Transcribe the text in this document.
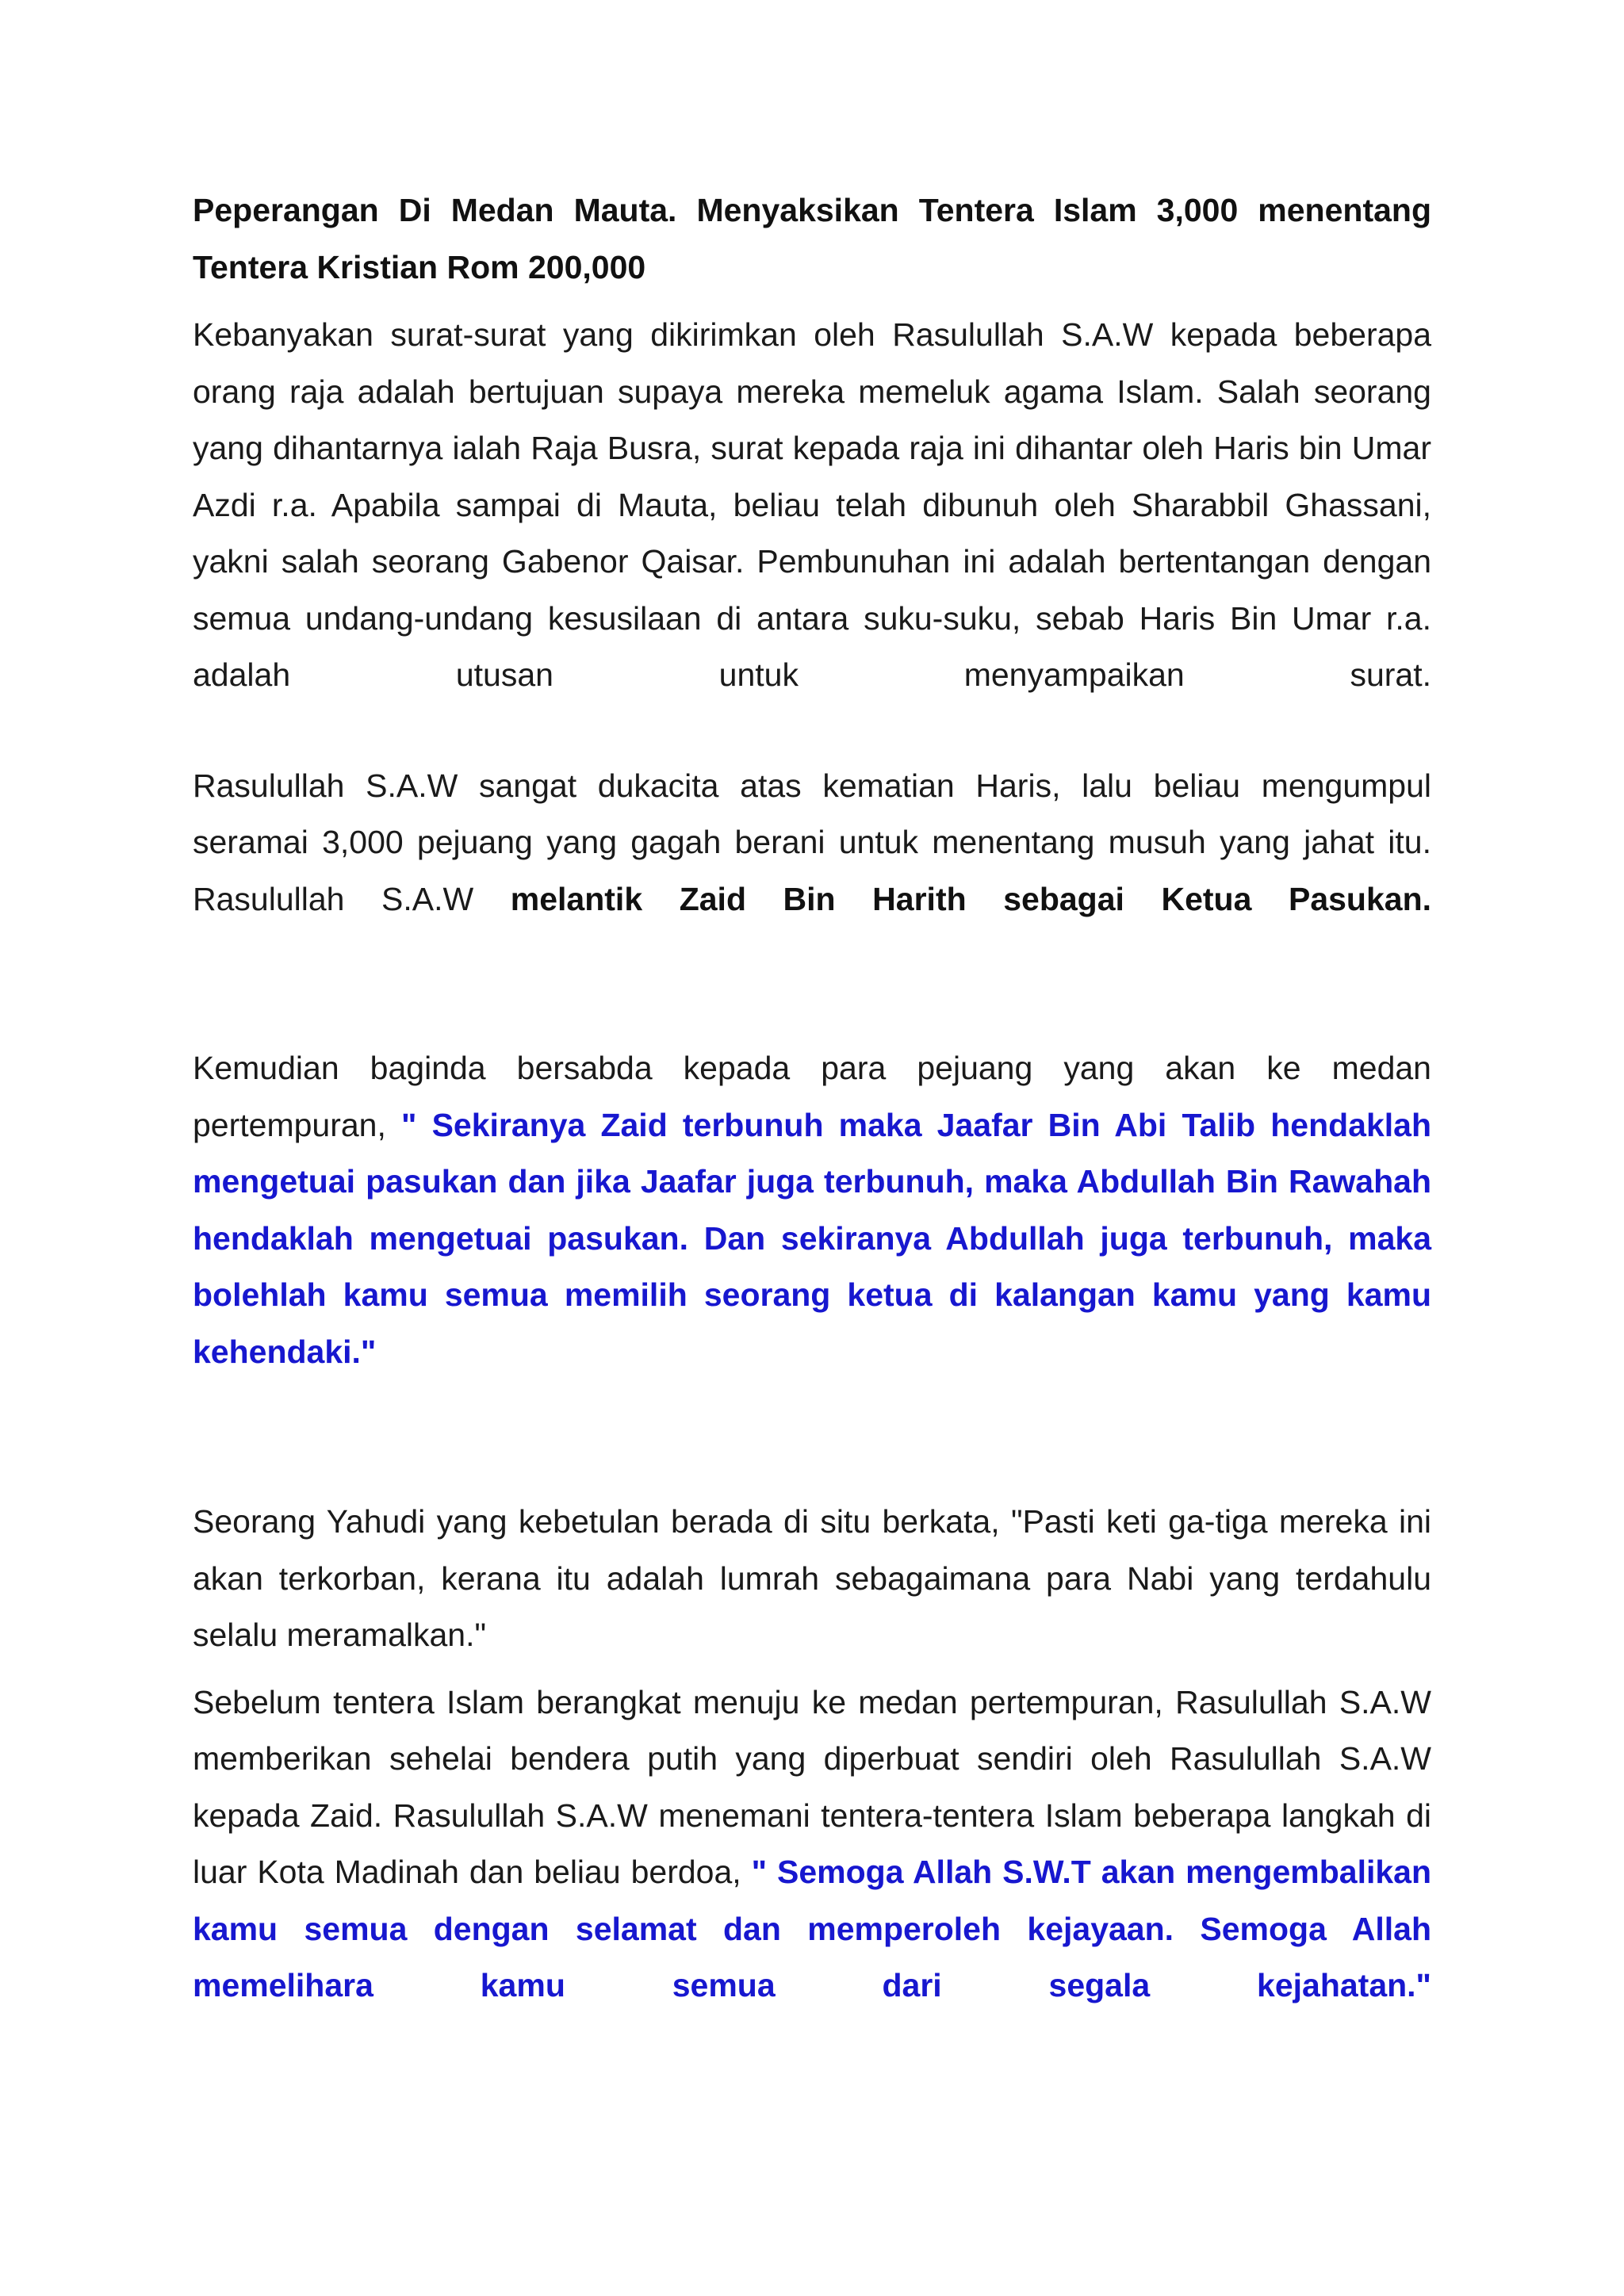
Peperangan Di Medan Mauta. Menyaksikan Tentera Islam 3,000 menentang Tentera Kristian Rom 200,000

Kebanyakan surat-surat yang dikirimkan oleh Rasulullah S.A.W kepada beberapa orang raja adalah bertujuan supaya mereka memeluk agama Islam. Salah seorang yang dihantarnya ialah Raja Busra, surat kepada raja ini dihantar oleh Haris bin Umar Azdi r.a. Apabila sampai di Mauta, beliau telah dibunuh oleh Sharabbil Ghassani, yakni salah seorang Gabenor Qaisar. Pembunuhan ini adalah bertentangan dengan semua undang-undang kesusilaan di antara suku-suku, sebab Haris Bin Umar r.a. adalah utusan untuk menyampaikan surat.

Rasulullah S.A.W sangat dukacita atas kematian Haris, lalu beliau mengumpul seramai 3,000 pejuang yang gagah berani untuk menentang musuh yang jahat itu. Rasulullah S.A.W melantik Zaid Bin Harith sebagai Ketua Pasukan.

Kemudian baginda bersabda kepada para pejuang yang akan ke medan pertempuran, " Sekiranya Zaid terbunuh maka Jaafar Bin Abi Talib hendaklah mengetuai pasukan dan jika Jaafar juga terbunuh, maka Abdullah Bin Rawahah hendaklah mengetuai pasukan. Dan sekiranya Abdullah juga terbunuh, maka bolehlah kamu semua memilih seorang ketua di kalangan kamu yang kamu kehendaki."

Seorang Yahudi yang kebetulan berada di situ berkata, "Pasti keti ga-tiga mereka ini akan terkorban, kerana itu adalah lumrah sebagaimana para Nabi yang terdahulu selalu meramalkan."

Sebelum tentera Islam berangkat menuju ke medan pertempuran, Rasulullah S.A.W memberikan sehelai bendera putih yang diperbuat sendiri oleh Rasulullah S.A.W kepada Zaid. Rasulullah S.A.W menemani tentera-tentera Islam beberapa langkah di luar Kota Madinah dan beliau berdoa, " Semoga Allah S.W.T akan mengembalikan kamu semua dengan selamat dan memperoleh kejayaan. Semoga Allah memelihara kamu semua dari segala kejahatan."
